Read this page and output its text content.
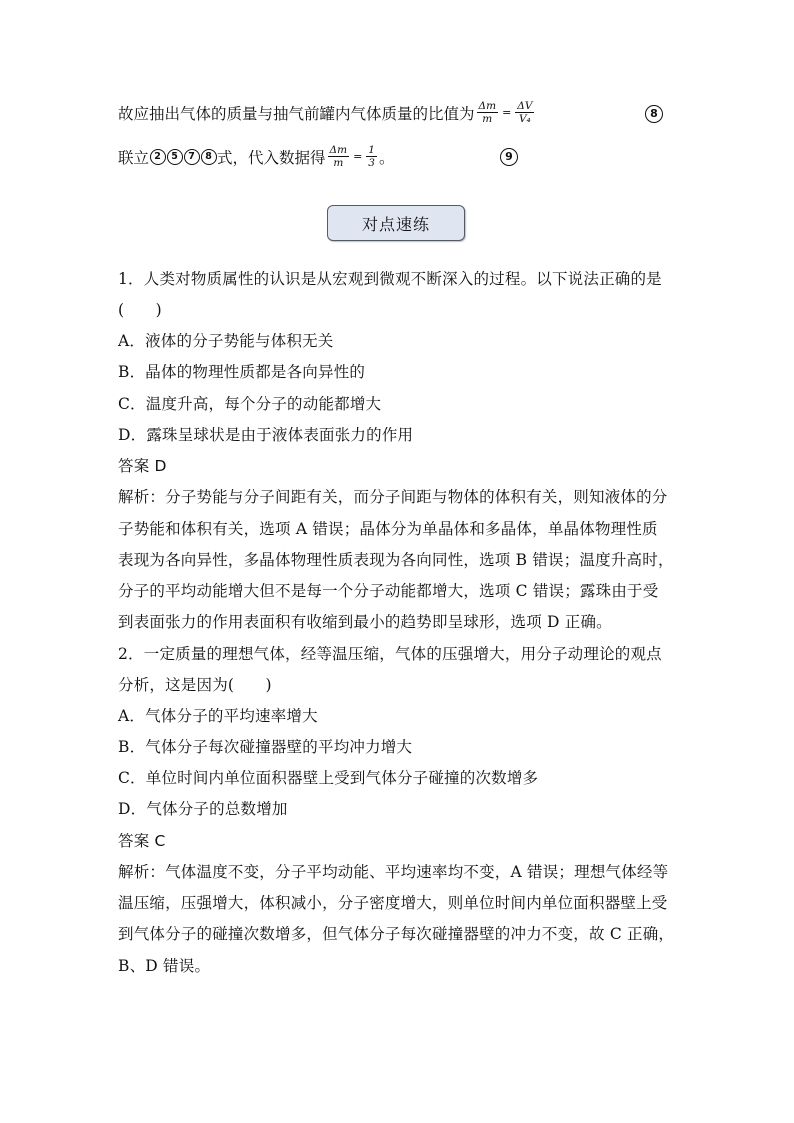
故应抽出气体的质量与抽气前罐内气体质量的比值为 $\frac{\Delta m}{m} = \frac{\Delta V}{\text{V₄}}$	8
联立 2	5	7	8 式，代入数据得 $\frac{\Delta m}{m} = \frac{1}{3}$ 。	9
对点速练
1．人类对物质属性的认识是从宏观到微观不断深入的过程。以下说法正确的是
(　　)
A．液体的分子势能与体积无关
B．晶体的物理性质都是各向异性的
C．温度升高，每个分子的动能都增大
D．露珠呈球状是由于液体表面张力的作用
答案 D
解析：分子势能与分子间距有关，而分子间距与物体的体积有关，则知液体的分
子势能和体积有关，选项 A 错误；晶体分为单晶体和多晶体，单晶体物理性质
表现为各向异性，多晶体物理性质表现为各向同性，选项 B 错误；温度升高时，
分子的平均动能增大但不是每一个分子动能都增大，选项 C 错误；露珠由于受
到表面张力的作用表面积有收缩到最小的趋势即呈球形，选项 D 正确。
2．一定质量的理想气体，经等温压缩，气体的压强增大，用分子动理论的观点
分析，这是因为(　　)
A．气体分子的平均速率增大
B．气体分子每次碰撞器壁的平均冲力增大
C．单位时间内单位面积器壁上受到气体分子碰撞的次数增多
D．气体分子的总数增加
答案 C
解析：气体温度不变，分子平均动能、平均速率均不变，A 错误；理想气体经等
温压缩，压强增大，体积减小，分子密度增大，则单位时间内单位面积器壁上受
到气体分子的碰撞次数增多，但气体分子每次碰撞器壁的冲力不变，故 C 正确，
B、D 错误。
